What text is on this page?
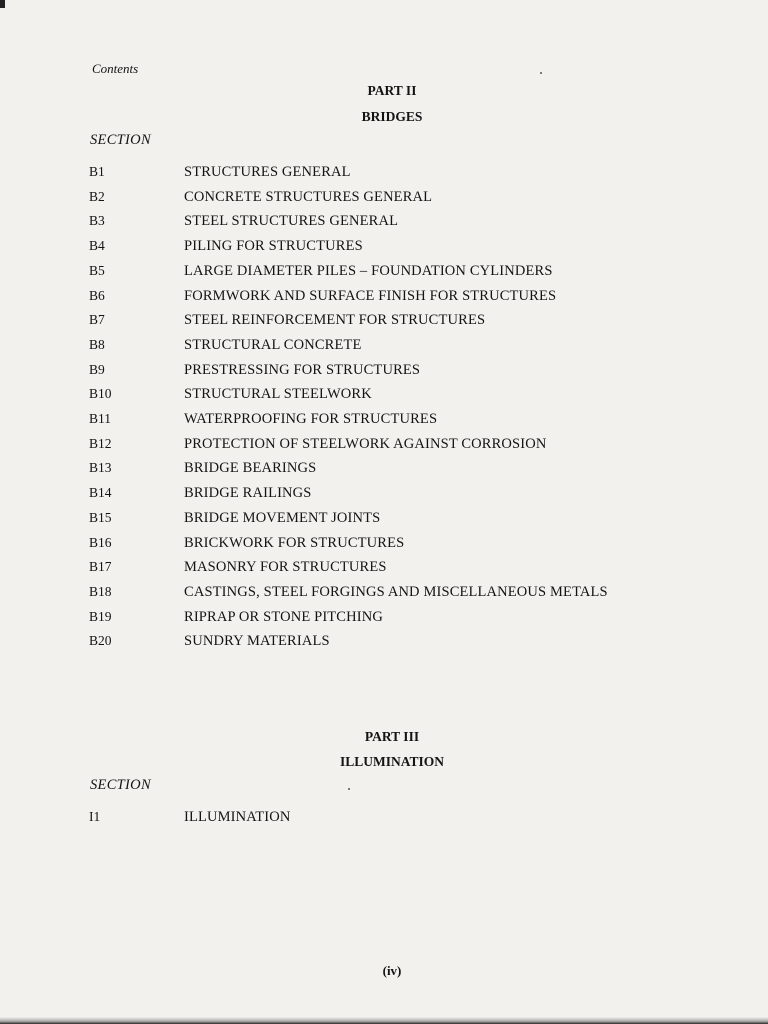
Contents
PART II
BRIDGES
SECTION
B1	STRUCTURES GENERAL
B2	CONCRETE STRUCTURES GENERAL
B3	STEEL STRUCTURES GENERAL
B4	PILING FOR STRUCTURES
B5	LARGE DIAMETER PILES – FOUNDATION CYLINDERS
B6	FORMWORK AND SURFACE FINISH FOR STRUCTURES
B7	STEEL REINFORCEMENT FOR STRUCTURES
B8	STRUCTURAL CONCRETE
B9	PRESTRESSING FOR STRUCTURES
B10	STRUCTURAL STEELWORK
B11	WATERPROOFING FOR STRUCTURES
B12	PROTECTION OF STEELWORK AGAINST CORROSION
B13	BRIDGE BEARINGS
B14	BRIDGE RAILINGS
B15	BRIDGE MOVEMENT JOINTS
B16	BRICKWORK FOR STRUCTURES
B17	MASONRY FOR STRUCTURES
B18	CASTINGS, STEEL FORGINGS AND MISCELLANEOUS METALS
B19	RIPRAP OR STONE PITCHING
B20	SUNDRY MATERIALS
PART III
ILLUMINATION
SECTION
I1	ILLUMINATION
(iv)
